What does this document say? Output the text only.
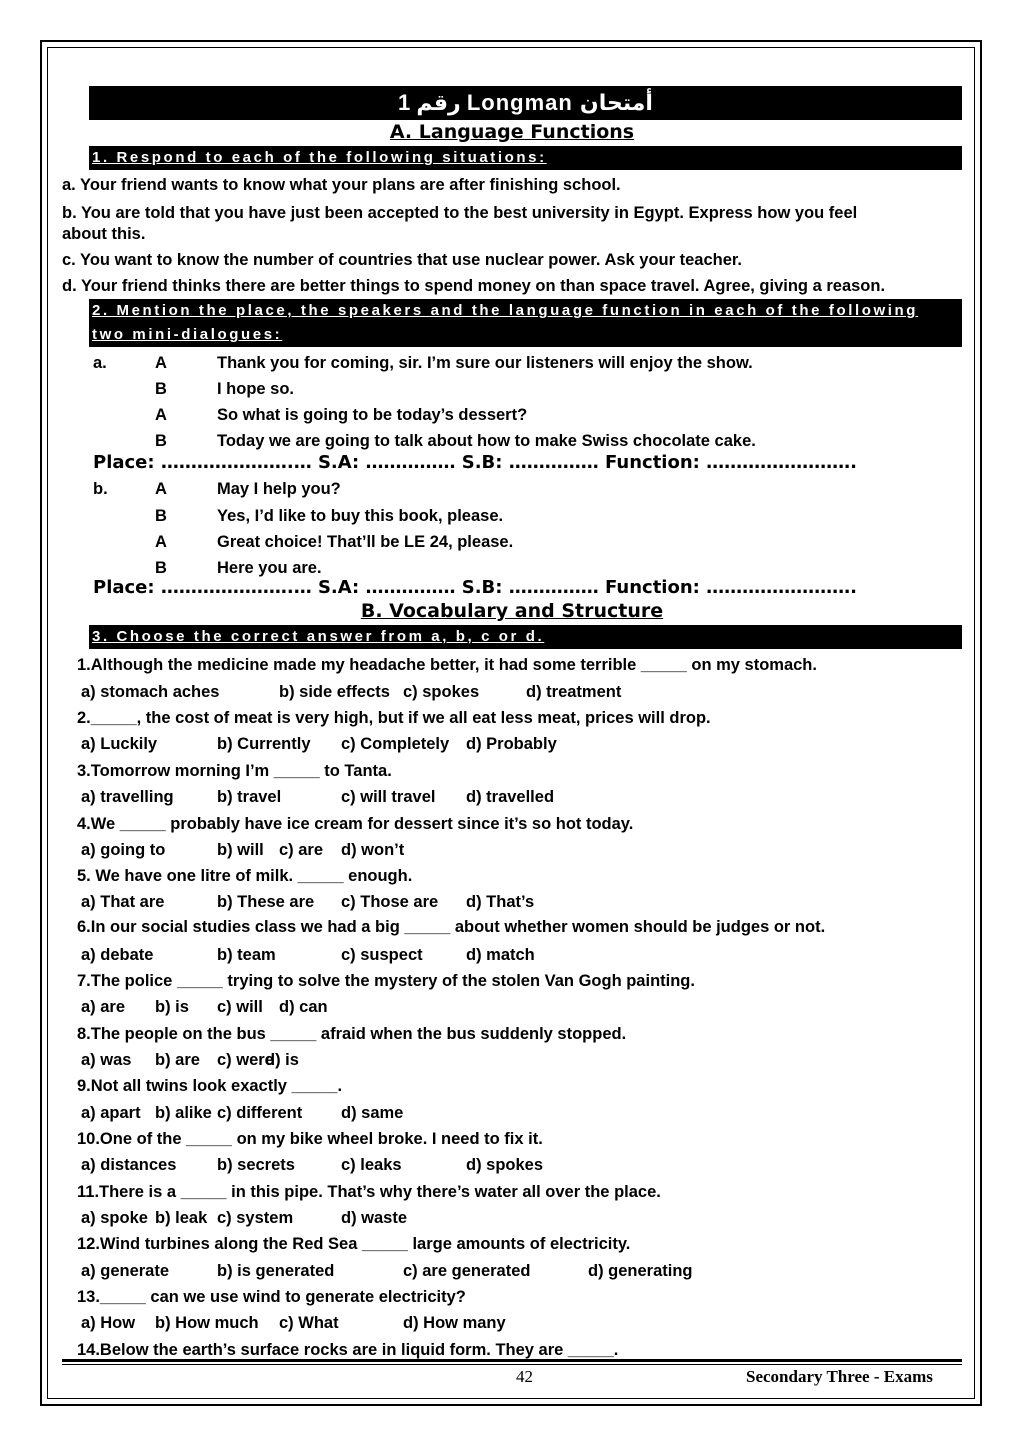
1 رقم Longman أمتحان
A. Language Functions
1. Respond to each of the following situations:
a. Your friend wants to know what your plans are after finishing school.
b. You are told that you have just been accepted to the best university in Egypt. Express how you feel
about this.
c. You want to know the number of countries that use nuclear power. Ask your teacher.
d. Your friend thinks there are better things to spend money on than space travel. Agree, giving a reason.
2. Mention the place, the speakers and the language function in each of the following
two mini-dialogues:
a.	A	Thank you for coming, sir. I’m sure our listeners will enjoy the show.
B	I hope so.
A	So what is going to be today’s dessert?
B	Today we are going to talk about how to make Swiss chocolate cake.
Place: ………………….… S.A: …………… S.B: …………… Function: …………………….
b.	A	May I help you?
B	Yes, I’d like to buy this book, please.
A	Great choice! That’ll be LE 24, please.
B	Here you are.
Place: ………………….… S.A: …………… S.B: …………… Function: …………………….
B. Vocabulary and Structure
3. Choose the correct answer from a, b, c or d.
1.Although the medicine made my headache better, it had some terrible _____ on my stomach.
a) stomach aches	b) side effects c) spokes	d) treatment
2._____, the cost of meat is very high, but if we all eat less meat, prices will drop.
a) Luckily	b) Currently c) Completely d) Probably
3.Tomorrow morning I’m _____ to Tanta.
a) travelling	b) travel	c) will travel d) travelled
4.We _____ probably have ice cream for dessert since it’s so hot today.
a) going to	b) will c) are d) won’t
5. We have one litre of milk. _____ enough.
a) That are	b) These are c) Those are d) That’s
6.In our social studies class we had a big _____ about whether women should be judges or not.
a) debate	b) team	c) suspect	d) match
7.The police _____ trying to solve the mystery of the stolen Van Gogh painting.
a) are b) is c) will d) can
8.The people on the bus _____ afraid when the bus suddenly stopped.
a) was b) are c) were
d) is
9.Not all twins look exactly _____.
a) apart b) alike c) different d) same
10.One of the _____ on my bike wheel broke. I need to fix it.
a) distances b) secrets	c) leaks	d) spokes
11.There is a _____ in this pipe. That’s why there’s water all over the place.
a) spoke b) leak c) system	d) waste
12.Wind turbines along the Red Sea _____ large amounts of electricity.
a) generate	b) is generated	c) are generated	d) generating
13._____ can we use wind to generate electricity?
a) How b) How much c) What	d) How many
14.Below the earth’s surface rocks are in liquid form. They are _____.
42	Secondary Three - Exams
